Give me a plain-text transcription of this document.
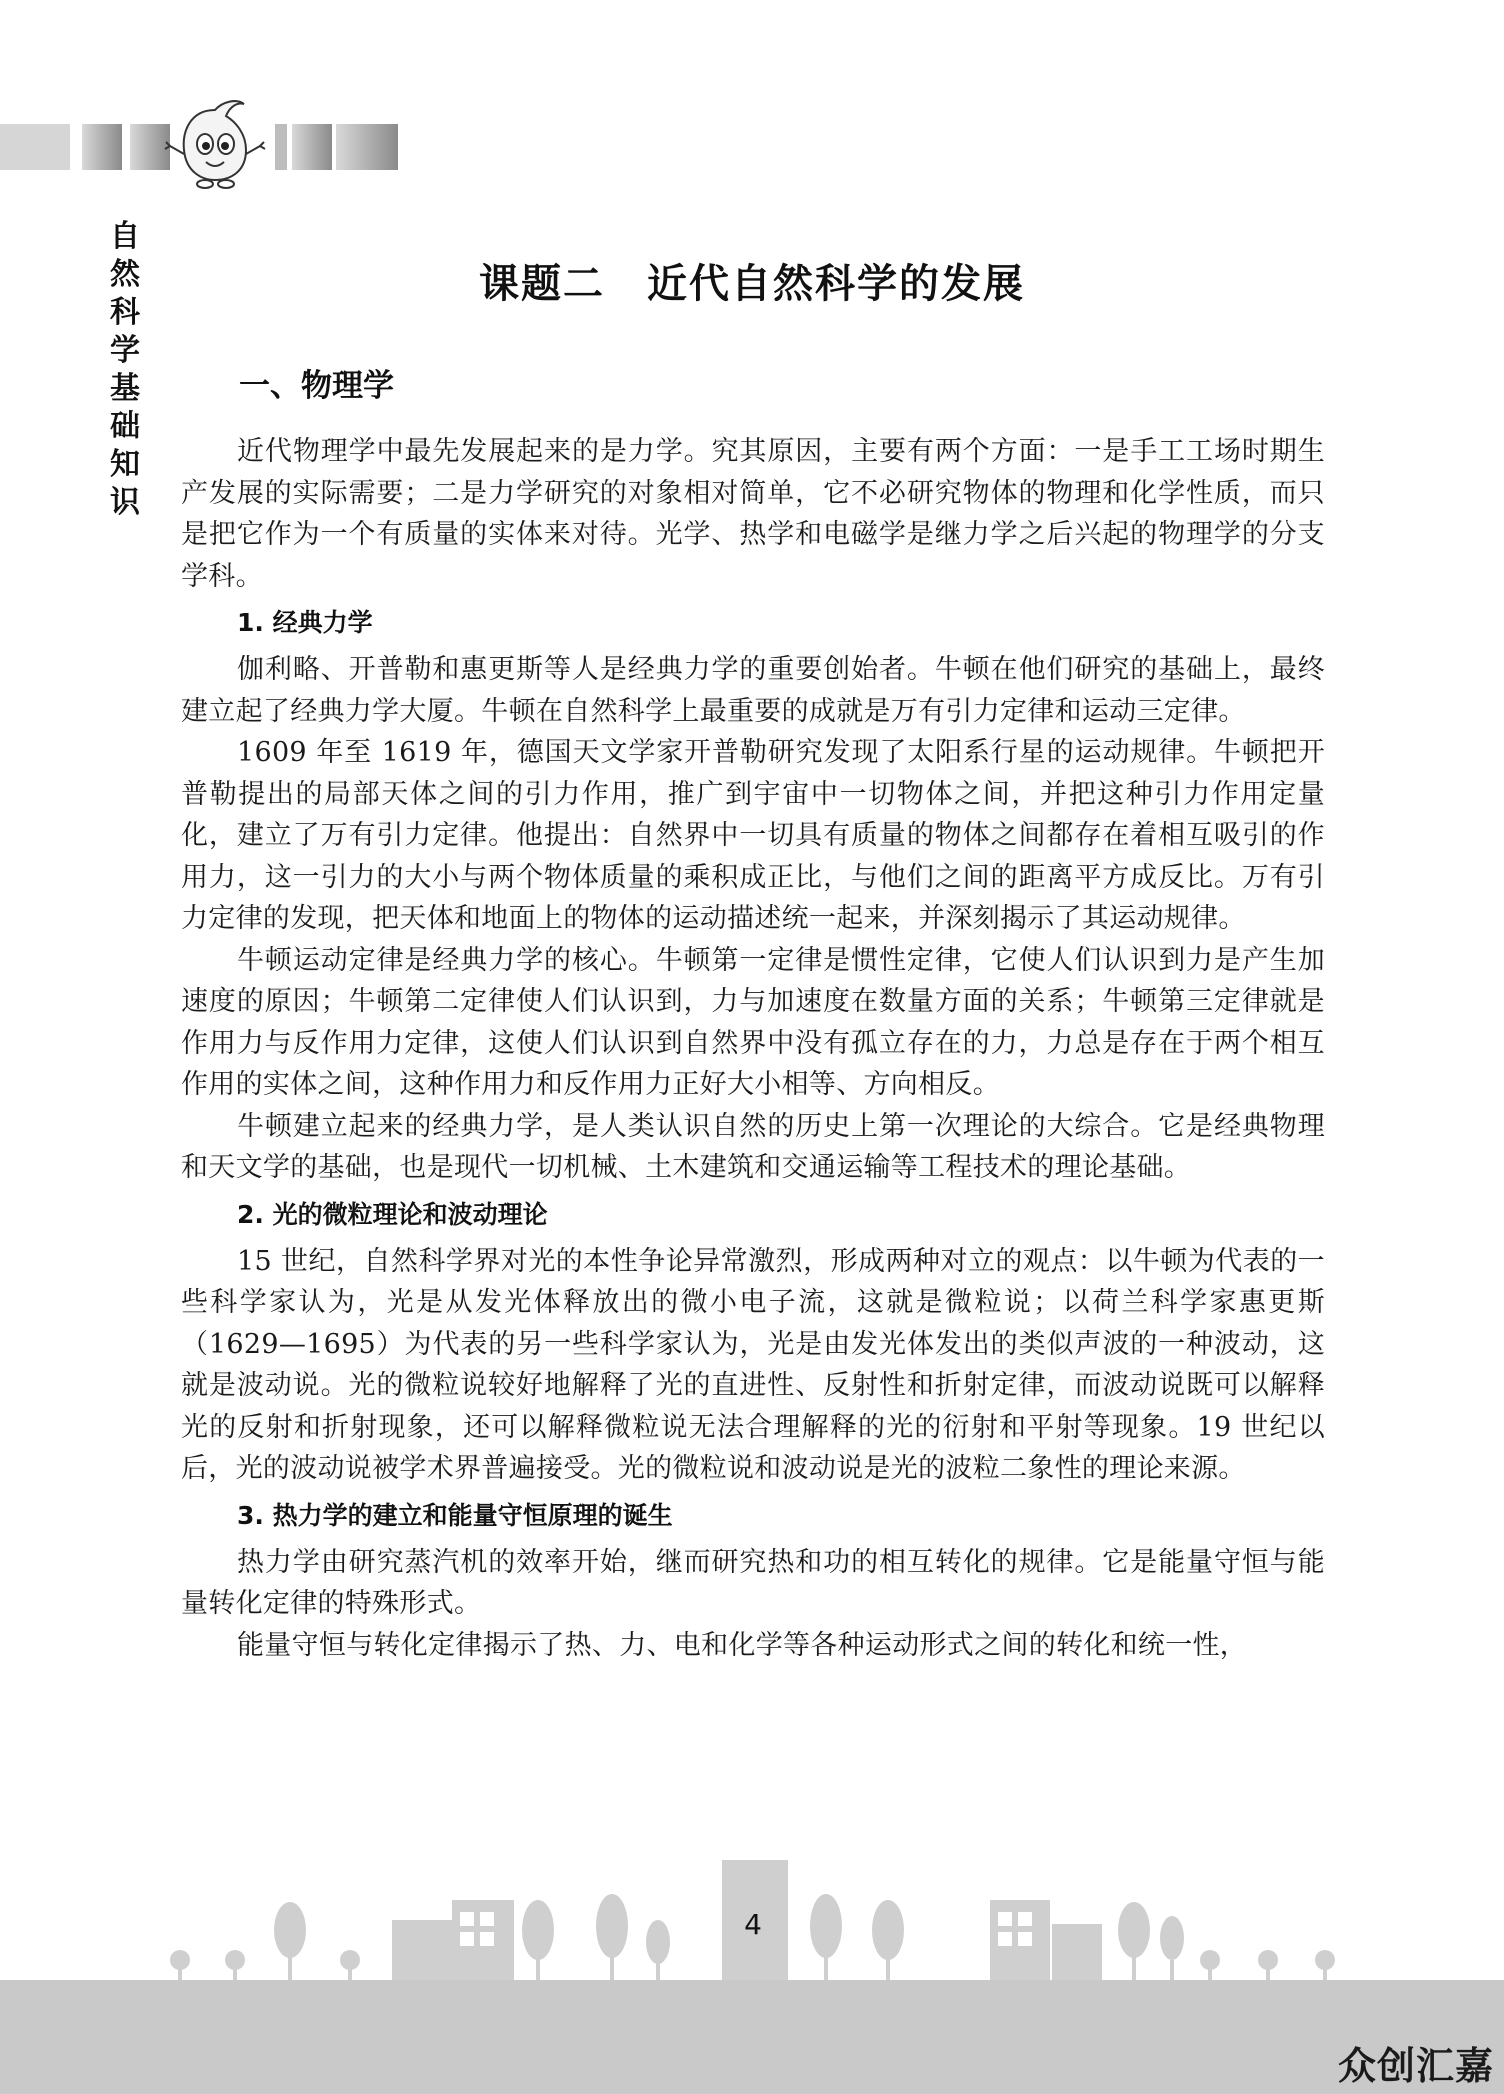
自
然
科
学
基
础
知
识
课题二　近代自然科学的发展
一、物理学

近代物理学中最先发展起来的是力学。究其原因，主要有两个方面：一是手工工场时期生产发展的实际需要；二是力学研究的对象相对简单，它不必研究物体的物理和化学性质，而只是把它作为一个有质量的实体来对待。光学、热学和电磁学是继力学之后兴起的物理学的分支学科。

1. 经典力学

伽利略、开普勒和惠更斯等人是经典力学的重要创始者。牛顿在他们研究的基础上，最终建立起了经典力学大厦。牛顿在自然科学上最重要的成就是万有引力定律和运动三定律。

1609 年至 1619 年，德国天文学家开普勒研究发现了太阳系行星的运动规律。牛顿把开普勒提出的局部天体之间的引力作用，推广到宇宙中一切物体之间，并把这种引力作用定量化，建立了万有引力定律。他提出：自然界中一切具有质量的物体之间都存在着相互吸引的作用力，这一引力的大小与两个物体质量的乘积成正比，与他们之间的距离平方成反比。万有引力定律的发现，把天体和地面上的物体的运动描述统一起来，并深刻揭示了其运动规律。

牛顿运动定律是经典力学的核心。牛顿第一定律是惯性定律，它使人们认识到力是产生加速度的原因；牛顿第二定律使人们认识到，力与加速度在数量方面的关系；牛顿第三定律就是作用力与反作用力定律，这使人们认识到自然界中没有孤立存在的力，力总是存在于两个相互作用的实体之间，这种作用力和反作用力正好大小相等、方向相反。

牛顿建立起来的经典力学，是人类认识自然的历史上第一次理论的大综合。它是经典物理和天文学的基础，也是现代一切机械、土木建筑和交通运输等工程技术的理论基础。

2. 光的微粒理论和波动理论

15 世纪，自然科学界对光的本性争论异常激烈，形成两种对立的观点：以牛顿为代表的一些科学家认为，光是从发光体释放出的微小电子流，这就是微粒说；以荷兰科学家惠更斯（1629—1695）为代表的另一些科学家认为，光是由发光体发出的类似声波的一种波动，这就是波动说。光的微粒说较好地解释了光的直进性、反射性和折射定律，而波动说既可以解释光的反射和折射现象，还可以解释微粒说无法合理解释的光的衍射和平射等现象。19 世纪以后，光的波动说被学术界普遍接受。光的微粒说和波动说是光的波粒二象性的理论来源。

3. 热力学的建立和能量守恒原理的诞生

热力学由研究蒸汽机的效率开始，继而研究热和功的相互转化的规律。它是能量守恒与能量转化定律的特殊形式。

能量守恒与转化定律揭示了热、力、电和化学等各种运动形式之间的转化和统一性，

4
众创汇嘉
